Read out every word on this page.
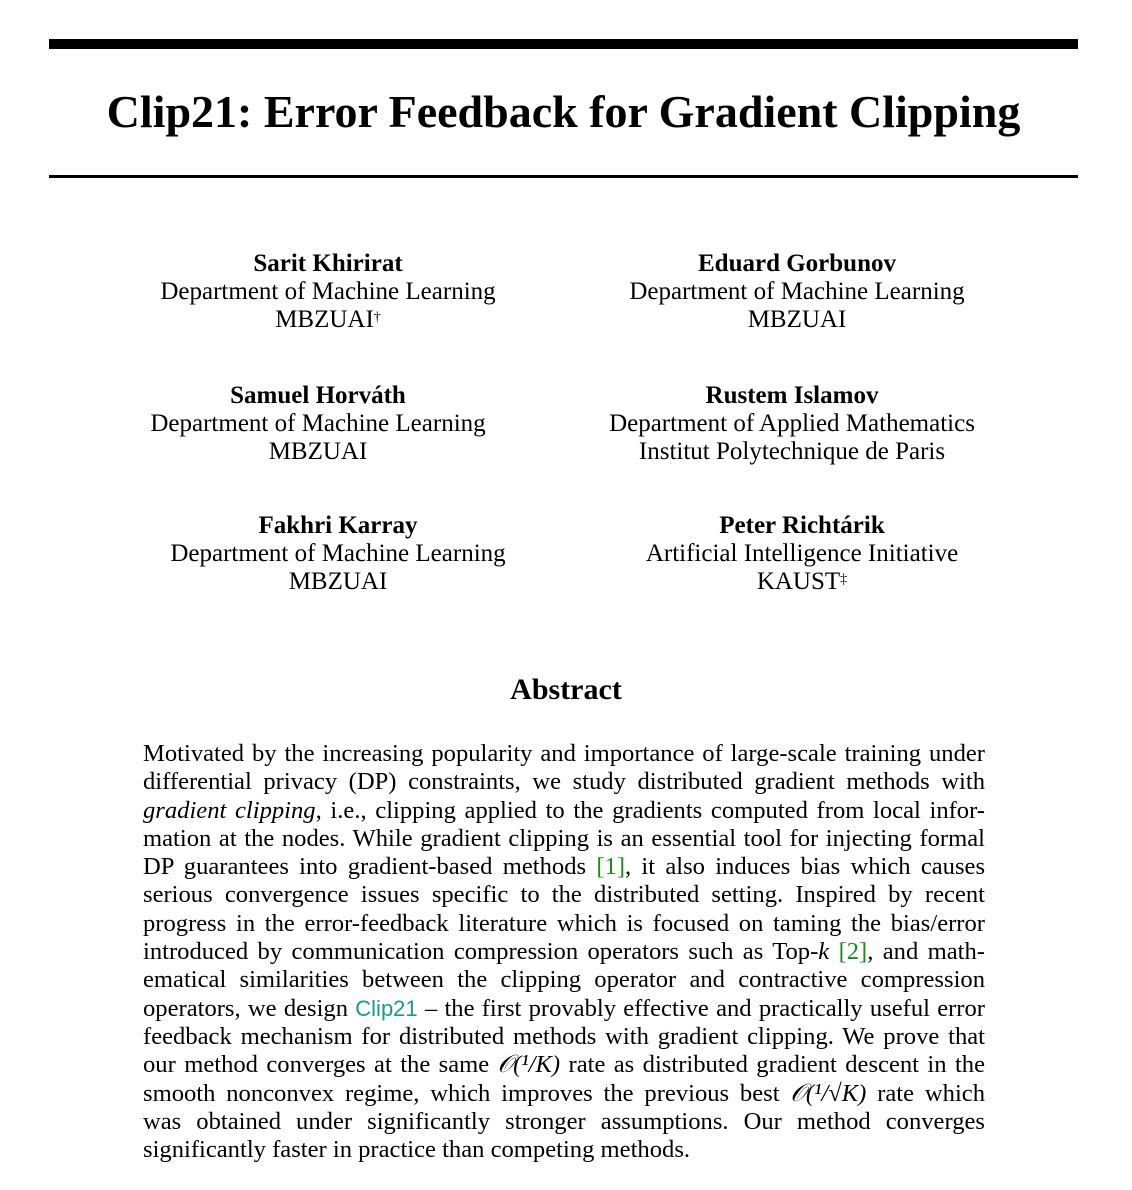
Clip21: Error Feedback for Gradient Clipping
Sarit Khirirat
Department of Machine Learning
MBZUAI†
Eduard Gorbunov
Department of Machine Learning
MBZUAI
Samuel Horváth
Department of Machine Learning
MBZUAI
Rustem Islamov
Department of Applied Mathematics
Institut Polytechnique de Paris
Fakhri Karray
Department of Machine Learning
MBZUAI
Peter Richtárik
Artificial Intelligence Initiative
KAUST‡
Abstract
Motivated by the increasing popularity and importance of large-scale training under
differential privacy (DP) constraints, we study distributed gradient methods with
gradient clipping, i.e., clipping applied to the gradients computed from local infor-
mation at the nodes. While gradient clipping is an essential tool for injecting formal
DP guarantees into gradient-based methods [1], it also induces bias which causes
serious convergence issues specific to the distributed setting. Inspired by recent
progress in the error-feedback literature which is focused on taming the bias/error
introduced by communication compression operators such as Top-k [2], and math-
ematical similarities between the clipping operator and contractive compression
operators, we design Clip21 – the first provably effective and practically useful error
feedback mechanism for distributed methods with gradient clipping. We prove that
our method converges at the same 𝒪(¹/K) rate as distributed gradient descent in the
smooth nonconvex regime, which improves the previous best 𝒪(¹/√K) rate which
was obtained under significantly stronger assumptions. Our method converges
significantly faster in practice than competing methods.
